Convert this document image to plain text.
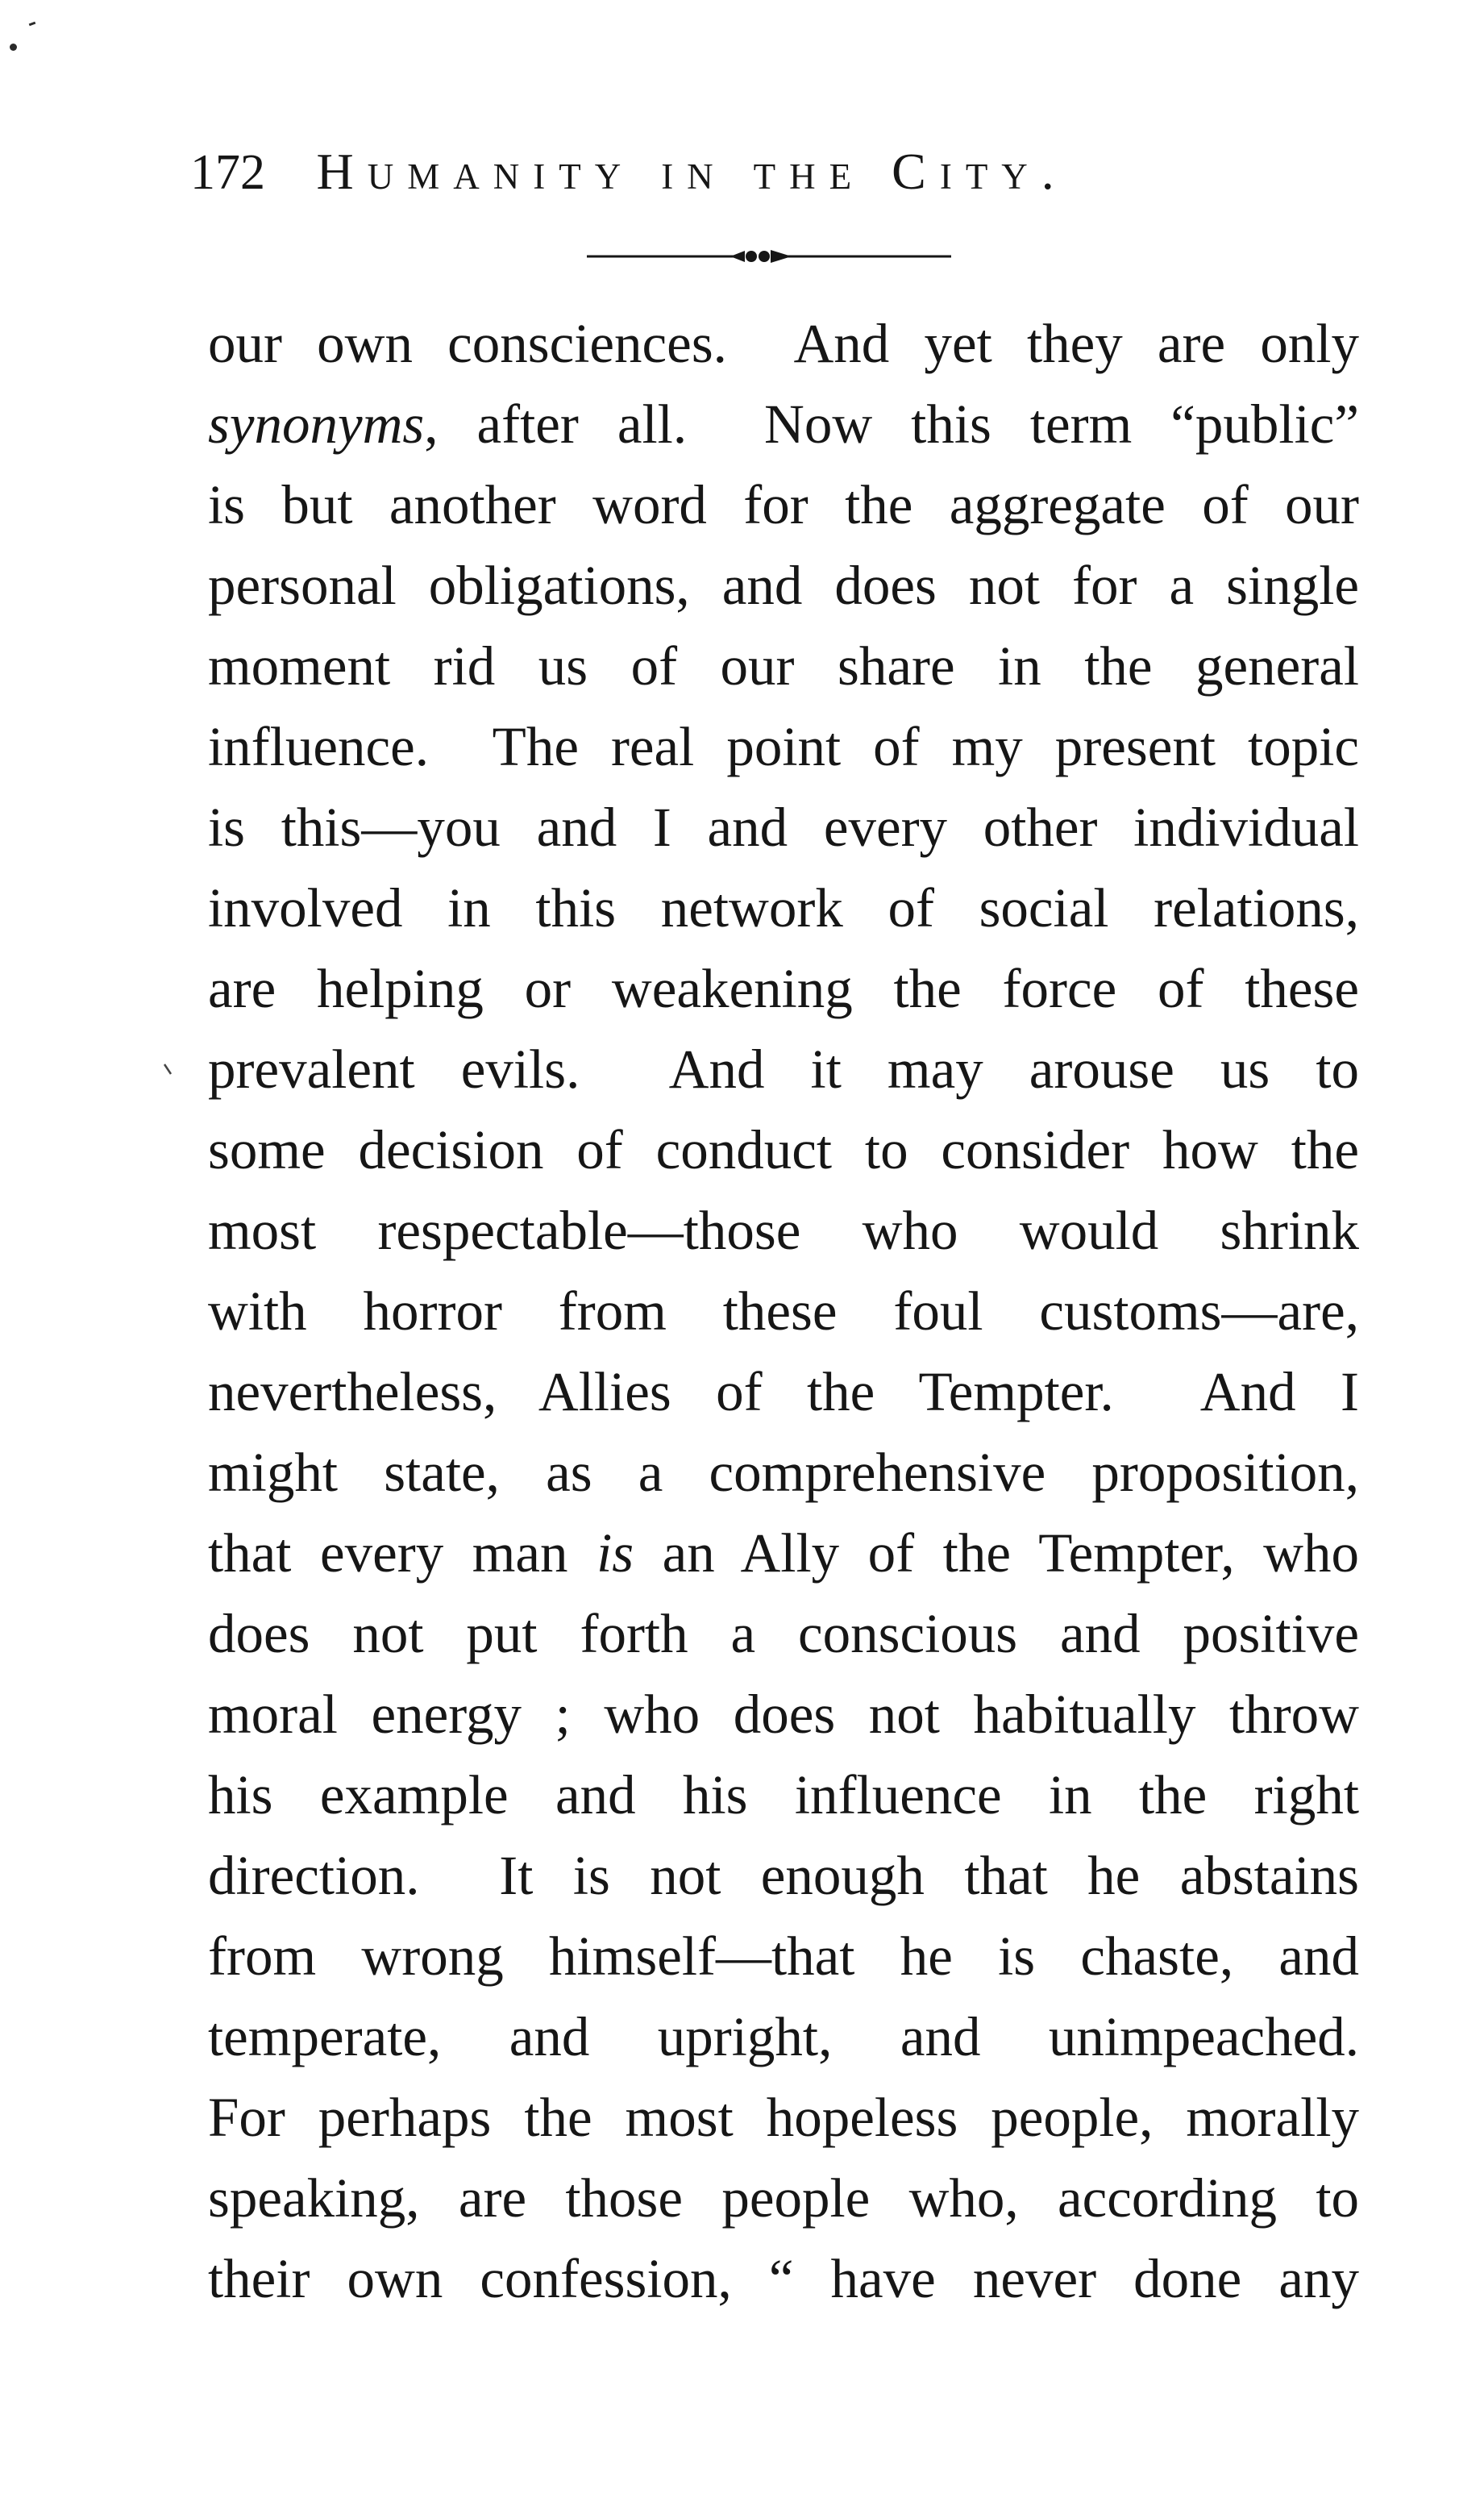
172 Humanity in the City.
our own consciences.  And yet they are only
synonyms, after all.  Now this term “public”
is but another word for the aggregate of our
personal obligations, and does not for a single
moment rid us of our share in the general
influence.  The real point of my present topic
is this—you and I and every other individual
involved in this network of social relations,
are helping or weakening the force of these
prevalent evils.  And it may arouse us to
some decision of conduct to consider how the
most respectable—those who would shrink
with horror from these foul customs—are,
nevertheless, Allies of the Tempter.  And I
might state, as a comprehensive proposition,
that every man is an Ally of the Tempter, who
does not put forth a conscious and positive
moral energy ; who does not habitually throw
his example and his influence in the right
direction.  It is not enough that he abstains
from wrong himself—that he is chaste, and
temperate, and upright, and unimpeached.
For perhaps the most hopeless people, morally
speaking, are those people who, according to
their own confession, “ have never done any
